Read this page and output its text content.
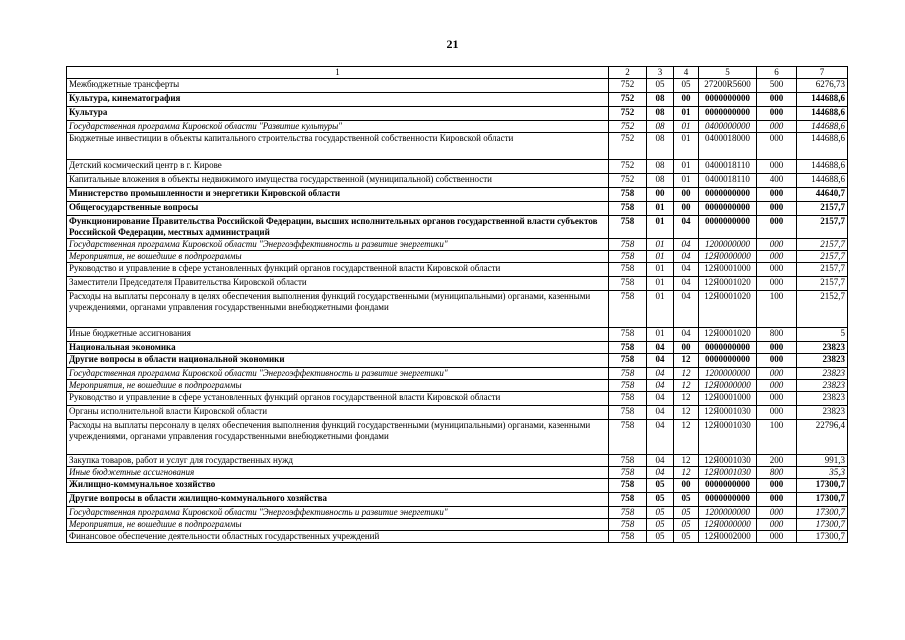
21
1	2	3	4	5	6	7
Межбюджетные трансферты	752	05	05	27200R5600	500	6276,73
Культура, кинематография	752	08	00	0000000000	000	144688,6
Культура	752	08	01	0000000000	000	144688,6
Государственная программа Кировской области "Развитие культуры"	752	08	01	0400000000	000	144688,6
Бюджетные инвестиции в объекты капитального строительства государственной собственности Кировской области	752	08	01	0400018000	000	144688,6
Детский космический центр в г. Кирове	752	08	01	0400018110	000	144688,6
Капитальные вложения в объекты недвижимого имущества государственной (муниципальной) собственности	752	08	01	0400018110	400	144688,6
Министерство промышленности и энергетики Кировской области	758	00	00	0000000000	000	44640,7
Общегосударственные вопросы	758	01	00	0000000000	000	2157,7
Функционирование Правительства Российской Федерации, высших исполнительных органов государственной власти субъектов Российской Федерации, местных администраций	758	01	04	0000000000	000	2157,7
Государственная программа Кировской области "Энергоэффективность и развитие энергетики"	758	01	04	1200000000	000	2157,7
Мероприятия, не вошедшие в подпрограммы	758	01	04	12Я0000000	000	2157,7
Руководство и управление в сфере установленных функций органов государственной власти Кировской области	758	01	04	12Я0001000	000	2157,7
Заместители Председателя Правительства Кировской области	758	01	04	12Я0001020	000	2157,7
Расходы на выплаты персоналу в целях обеспечения выполнения функций государственными (муниципальными) органами, казенными учреждениями, органами управления государственными внебюджетными фондами	758	01	04	12Я0001020	100	2152,7
Иные бюджетные ассигнования	758	01	04	12Я0001020	800	5
Национальная экономика	758	04	00	0000000000	000	23823
Другие вопросы в области национальной экономики	758	04	12	0000000000	000	23823
Государственная программа Кировской области "Энергоэффективность и развитие энергетики"	758	04	12	1200000000	000	23823
Мероприятия, не вошедшие в подпрограммы	758	04	12	12Я0000000	000	23823
Руководство и управление в сфере установленных функций органов государственной власти Кировской области	758	04	12	12Я0001000	000	23823
Органы исполнительной власти Кировской области	758	04	12	12Я0001030	000	23823
Расходы на выплаты персоналу в целях обеспечения выполнения функций государственными (муниципальными) органами, казенными учреждениями, органами управления государственными внебюджетными фондами	758	04	12	12Я0001030	100	22796,4
Закупка товаров, работ и услуг для государственных нужд	758	04	12	12Я0001030	200	991,3
Иные бюджетные ассигнования	758	04	12	12Я0001030	800	35,3
Жилищно-коммунальное хозяйство	758	05	00	0000000000	000	17300,7
Другие вопросы в области жилищно-коммунального хозяйства	758	05	05	0000000000	000	17300,7
Государственная программа Кировской области "Энергоэффективность и развитие энергетики"	758	05	05	1200000000	000	17300,7
Мероприятия, не вошедшие в подпрограммы	758	05	05	12Я0000000	000	17300,7
Финансовое обеспечение деятельности областных государственных учреждений	758	05	05	12Я0002000	000	17300,7
